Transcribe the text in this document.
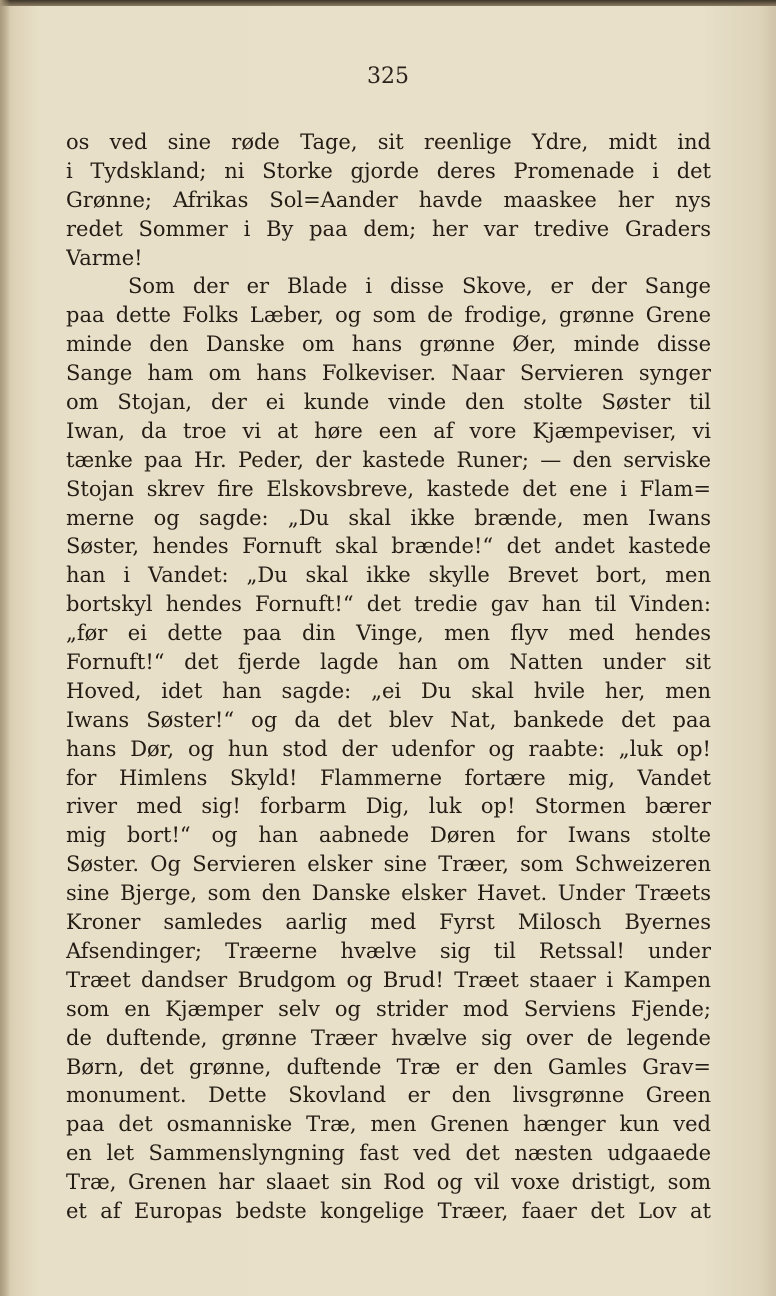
325
os ved sine røde Tage, sit reenlige Ydre, midt ind
i Tydskland; ni Storke gjorde deres Promenade i det
Grønne; Afrikas Sol=Aander havde maaskee her nys
redet Sommer i By paa dem; her var tredive Graders
Varme!
Som der er Blade i disse Skove, er der Sange
paa dette Folks Læber, og som de frodige, grønne Grene
minde den Danske om hans grønne Øer, minde disse
Sange ham om hans Folkeviser. Naar Servieren synger
om Stojan, der ei kunde vinde den stolte Søster til
Iwan, da troe vi at høre een af vore Kjæmpeviser, vi
tænke paa Hr. Peder, der kastede Runer; — den serviske
Stojan skrev fire Elskovsbreve, kastede det ene i Flam=
merne og sagde: „Du skal ikke brænde, men Iwans
Søster, hendes Fornuft skal brænde!“ det andet kastede
han i Vandet: „Du skal ikke skylle Brevet bort, men
bortskyl hendes Fornuft!“ det tredie gav han til Vinden:
„før ei dette paa din Vinge, men flyv med hendes
Fornuft!“ det fjerde lagde han om Natten under sit
Hoved, idet han sagde: „ei Du skal hvile her, men
Iwans Søster!“ og da det blev Nat, bankede det paa
hans Dør, og hun stod der udenfor og raabte: „luk op!
for Himlens Skyld! Flammerne fortære mig, Vandet
river med sig! forbarm Dig, luk op! Stormen bærer
mig bort!“ og han aabnede Døren for Iwans stolte
Søster. Og Servieren elsker sine Træer, som Schweizeren
sine Bjerge, som den Danske elsker Havet. Under Træets
Kroner samledes aarlig med Fyrst Milosch Byernes
Afsendinger; Træerne hvælve sig til Retssal! under
Træet dandser Brudgom og Brud! Træet staaer i Kampen
som en Kjæmper selv og strider mod Serviens Fjende;
de duftende, grønne Træer hvælve sig over de legende
Børn, det grønne, duftende Træ er den Gamles Grav=
monument. Dette Skovland er den livsgrønne Green
paa det osmanniske Træ, men Grenen hænger kun ved
en let Sammenslyngning fast ved det næsten udgaaede
Træ, Grenen har slaaet sin Rod og vil voxe dristigt, som
et af Europas bedste kongelige Træer, faaer det Lov at
